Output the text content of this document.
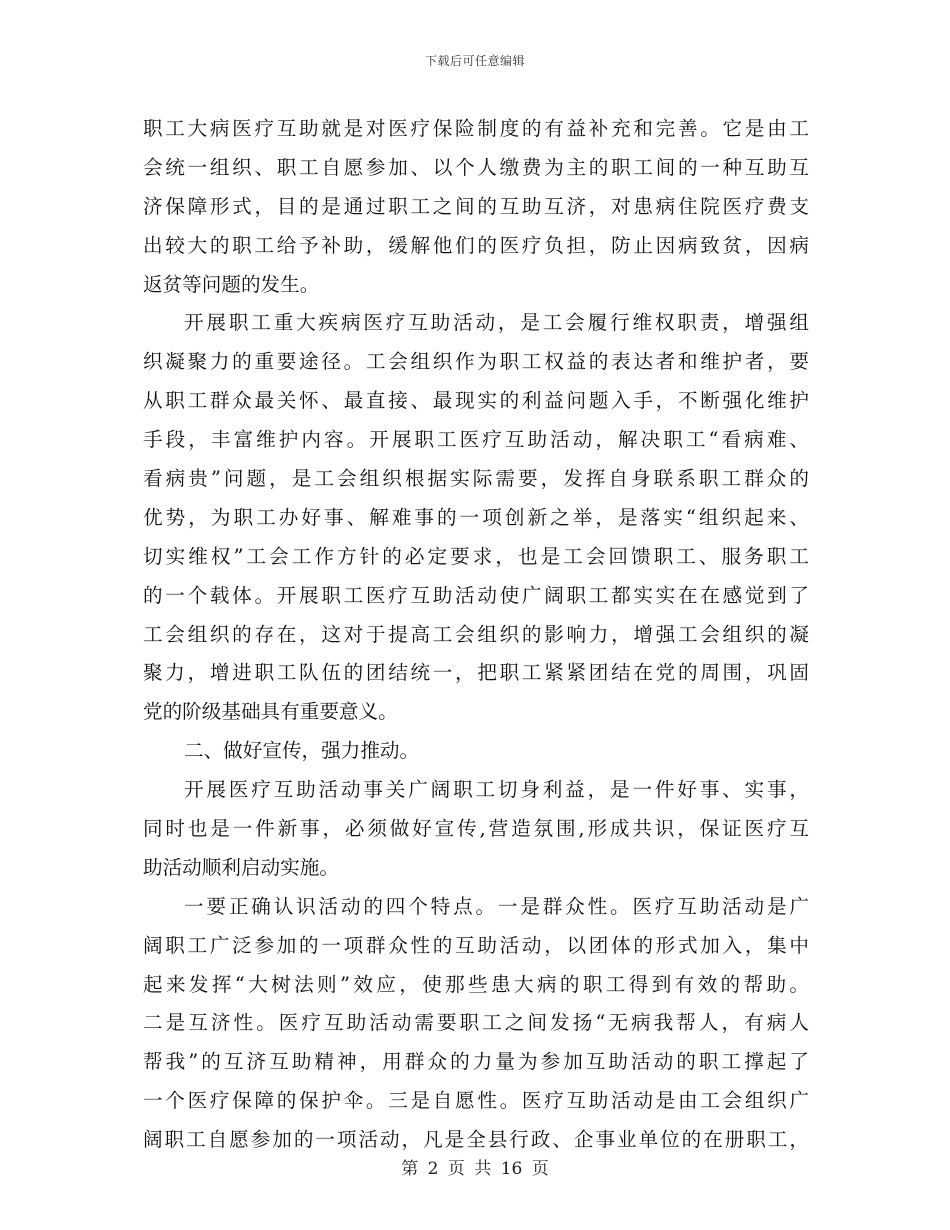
下载后可任意编辑
职工大病医疗互助就是对医疗保险制度的有益补充和完善。它是由工
会统一组织、职工自愿参加、以个人缴费为主的职工间的一种互助互
济保障形式，目的是通过职工之间的互助互济，对患病住院医疗费支
出较大的职工给予补助，缓解他们的医疗负担，防止因病致贫，因病
返贫等问题的发生。
开展职工重大疾病医疗互助活动，是工会履行维权职责，增强组
织凝聚力的重要途径。工会组织作为职工权益的表达者和维护者，要
从职工群众最关怀、最直接、最现实的利益问题入手，不断强化维护
手段，丰富维护内容。开展职工医疗互助活动，解决职工“看病难、
看病贵”问题，是工会组织根据实际需要，发挥自身联系职工群众的
优势，为职工办好事、解难事的一项创新之举，是落实“组织起来、
切实维权”工会工作方针的必定要求，也是工会回馈职工、服务职工
的一个载体。开展职工医疗互助活动使广阔职工都实实在在感觉到了
工会组织的存在，这对于提高工会组织的影响力，增强工会组织的凝
聚力，增进职工队伍的团结统一，把职工紧紧团结在党的周围，巩固
党的阶级基础具有重要意义。
二、做好宣传，强力推动。
开展医疗互助活动事关广阔职工切身利益，是一件好事、实事，
同时也是一件新事，必须做好宣传,营造氛围,形成共识，保证医疗互
助活动顺利启动实施。
一要正确认识活动的四个特点。一是群众性。医疗互助活动是广
阔职工广泛参加的一项群众性的互助活动，以团体的形式加入，集中
起来发挥“大树法则”效应，使那些患大病的职工得到有效的帮助。
二是互济性。医疗互助活动需要职工之间发扬“无病我帮人，有病人
帮我”的互济互助精神，用群众的力量为参加互助活动的职工撑起了
一个医疗保障的保护伞。三是自愿性。医疗互助活动是由工会组织广
阔职工自愿参加的一项活动，凡是全县行政、企事业单位的在册职工，
第 2 页 共 16 页
